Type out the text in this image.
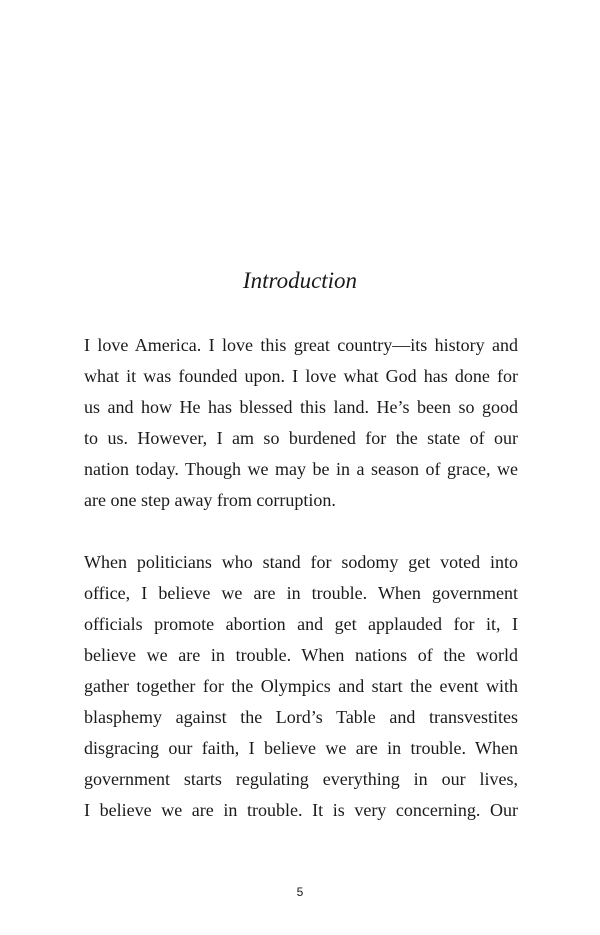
Introduction

I love America. I love this great country—its history and
what it was founded upon. I love what God has done for
us and how He has blessed this land. He’s been so good
to us. However, I am so burdened for the state of our
nation today. Though we may be in a season of grace, we
are one step away from corruption.

When politicians who stand for sodomy get voted into
office, I believe we are in trouble. When government
officials promote abortion and get applauded for it, I
believe we are in trouble. When nations of the world
gather together for the Olympics and start the event with
blasphemy against the Lord’s Table and transvestites
disgracing our faith, I believe we are in trouble. When
government starts regulating everything in our lives,
I believe we are in trouble. It is very concerning. Our

5
